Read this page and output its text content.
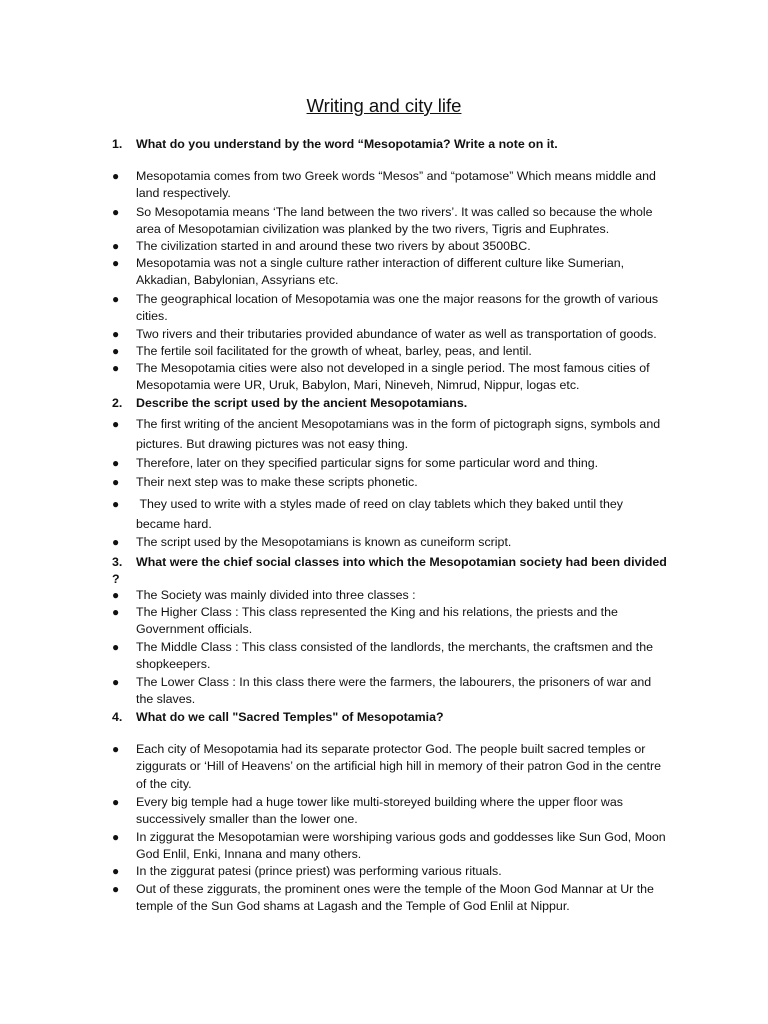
Writing and city life
1. What do you understand by the word “Mesopotamia? Write a note on it.
●	Mesopotamia comes from two Greek words “Mesos” and “potamose” Which means middle and land respectively.
●	So Mesopotamia means ‘The land between the two rivers’. It was called so because the whole area of Mesopotamian civilization was planked by the two rivers, Tigris and Euphrates.
●	The civilization started in and around these two rivers by about 3500BC.
●	Mesopotamia was not a single culture rather interaction of different culture like Sumerian, Akkadian, Babylonian, Assyrians etc.
●	The geographical location of Mesopotamia was one the major reasons for the growth of various cities.
●	Two rivers and their tributaries provided abundance of water as well as transportation of goods.
●	The fertile soil facilitated for the growth of wheat, barley, peas, and lentil.
●	The Mesopotamia cities were also not developed in a single period. The most famous cities of Mesopotamia were UR, Uruk, Babylon, Mari, Nineveh, Nimrud, Nippur, logas etc.
2. Describe the script used by the ancient Mesopotamians.
●	The first writing of the ancient Mesopotamians was in the form of pictograph signs, symbols and pictures. But drawing pictures was not easy thing.
●	Therefore, later on they specified particular signs for some particular word and thing.
●	Their next step was to make these scripts phonetic.
●	They used to write with a styles made of reed on clay tablets which they baked until they became hard.
●	The script used by the Mesopotamians is known as cuneiform script.
3. What were the chief social classes into which the Mesopotamian society had been divided ?
●	The Society was mainly divided into three classes :
●	The Higher Class : This class represented the King and his relations, the priests and the Government officials.
●	The Middle Class : This class consisted of the landlords, the merchants, the craftsmen and the shopkeepers.
●	The Lower Class : In this class there were the farmers, the labourers, the prisoners of war and the slaves.
4. What do we call "Sacred Temples" of Mesopotamia?
●	Each city of Mesopotamia had its separate protector God. The people built sacred temples or ziggurats or ‘Hill of Heavens’ on the artificial high hill in memory of their patron God in the centre of the city.
●	Every big temple had a huge tower like multi-storeyed building where the upper floor was successively smaller than the lower one.
●	In ziggurat the Mesopotamian were worshiping various gods and goddesses like Sun God, Moon God Enlil, Enki, Innana and many others.
●	In the ziggurat patesi (prince priest) was performing various rituals.
●	Out of these ziggurats, the prominent ones were the temple of the Moon God Mannar at Ur the temple of the Sun God shams at Lagash and the Temple of God Enlil at Nippur.
